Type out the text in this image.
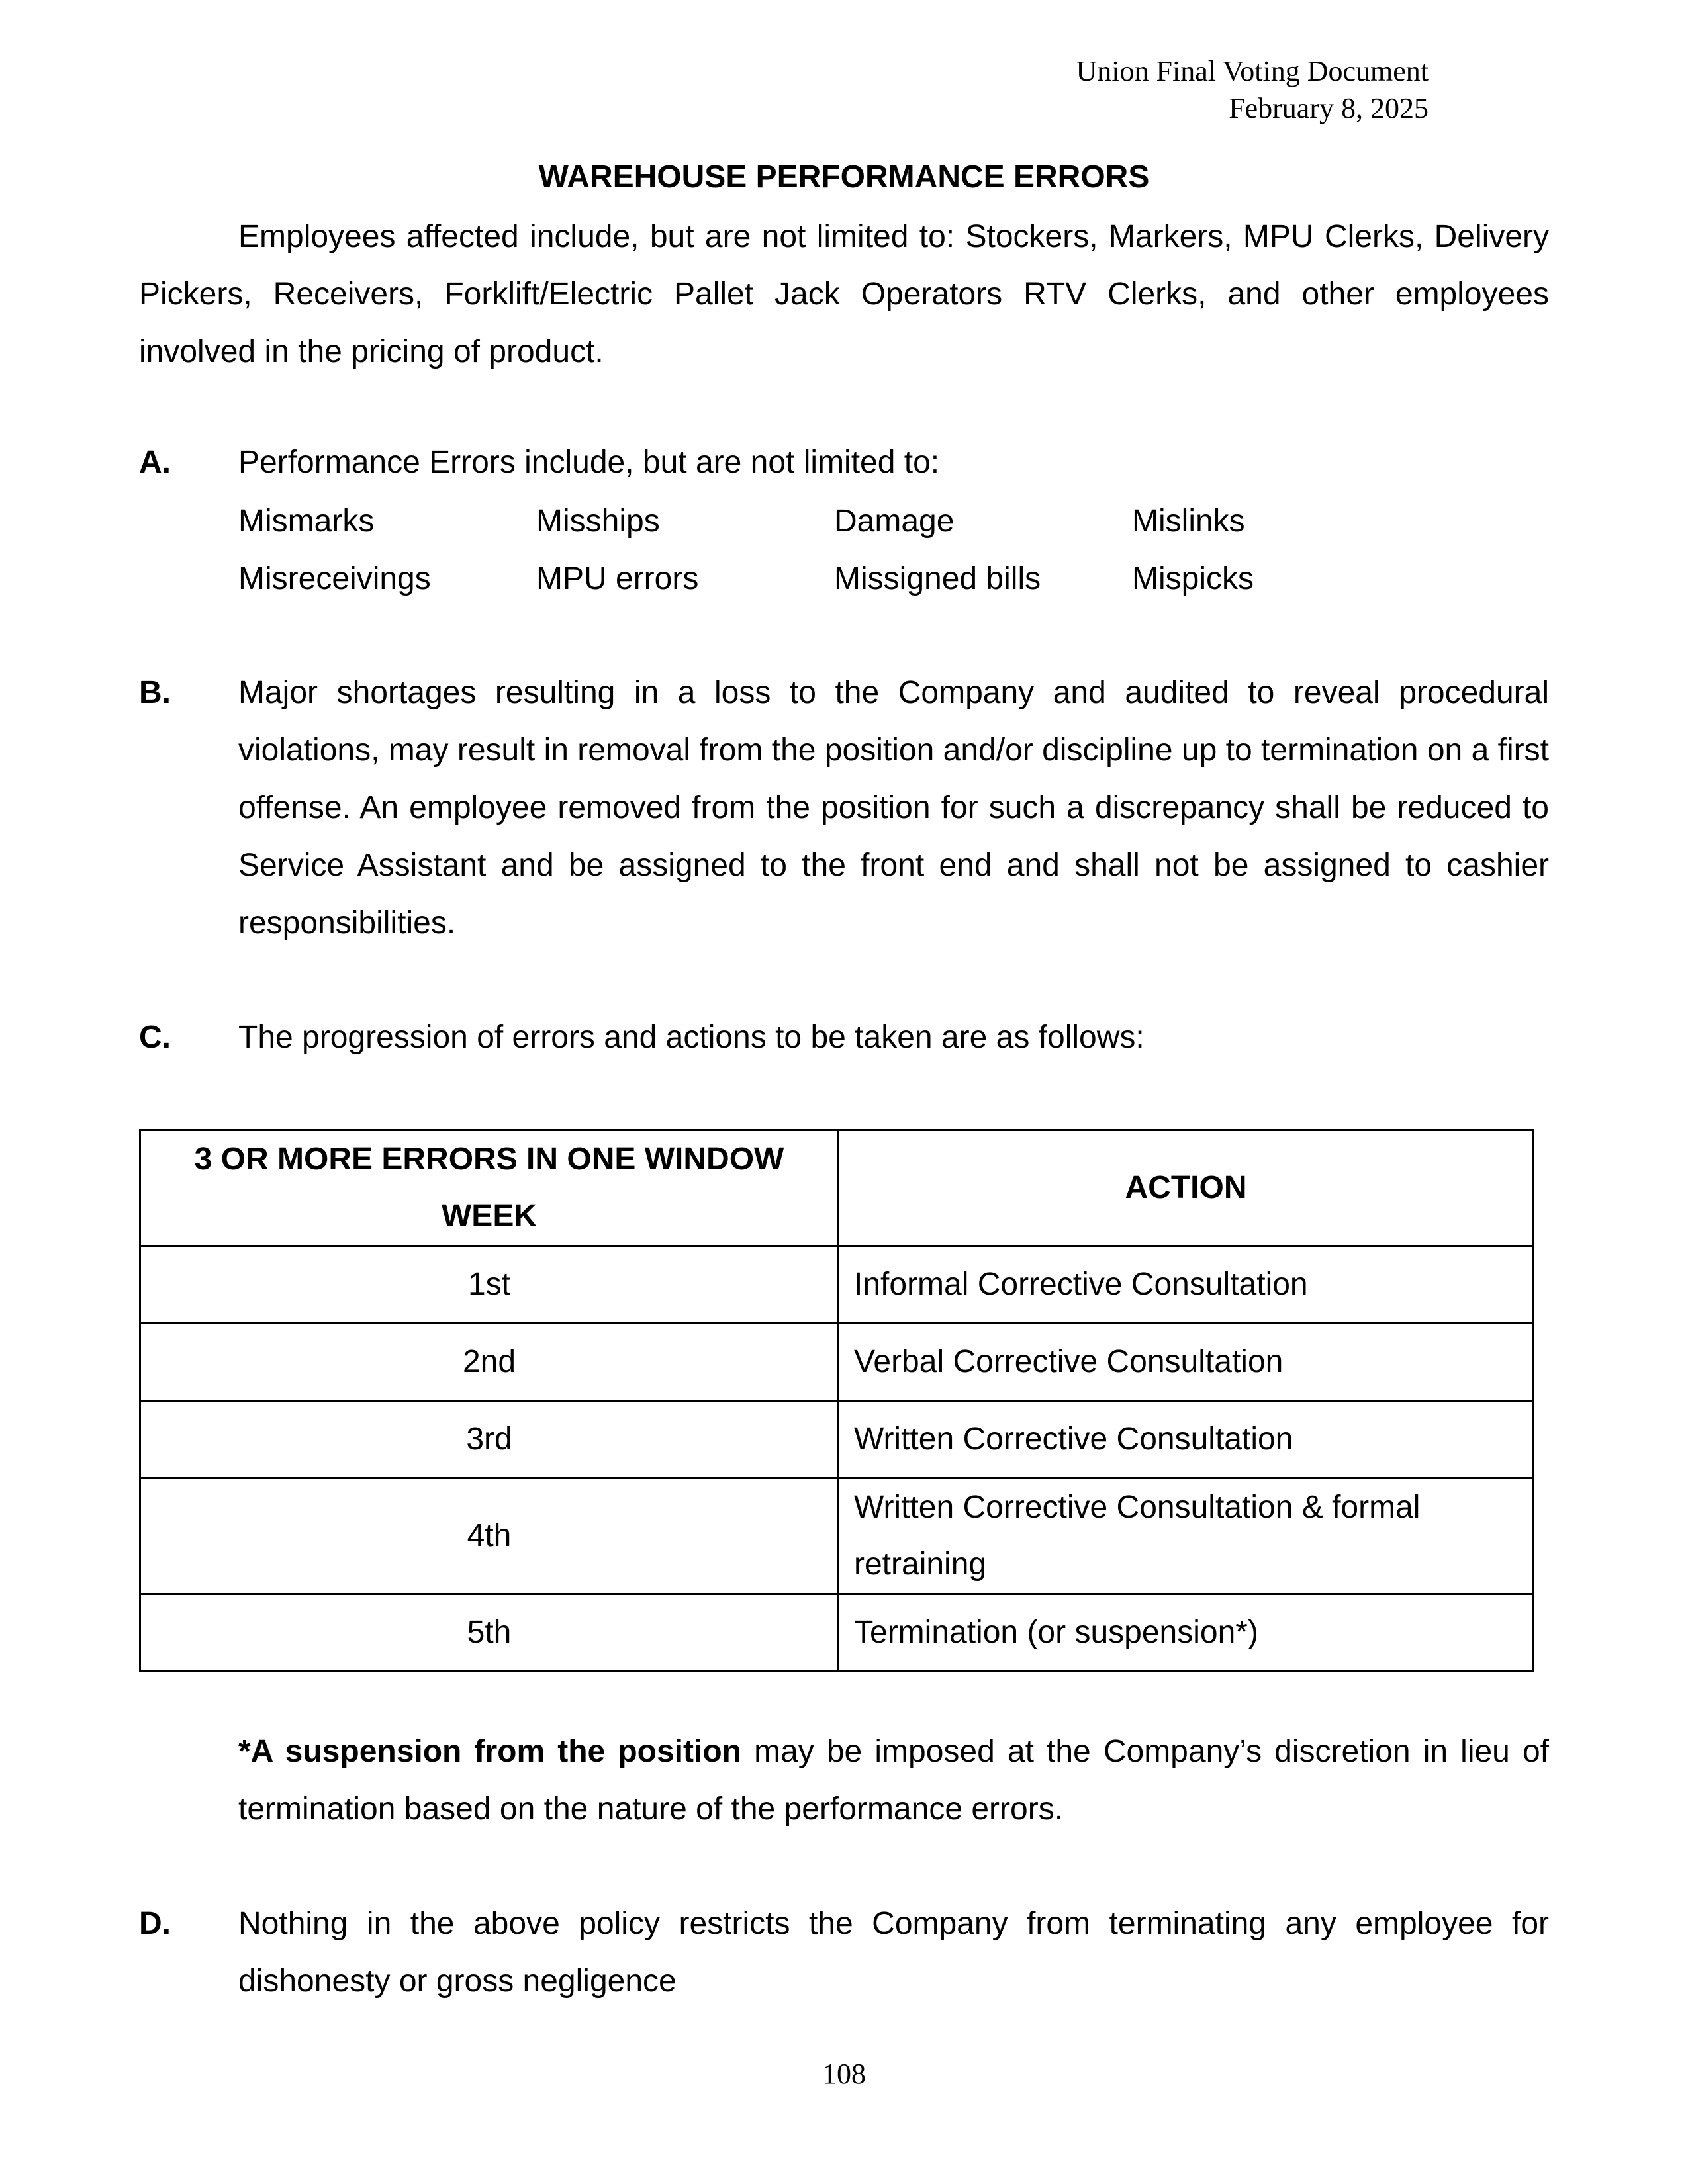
Union Final Voting Document
February 8, 2025
WAREHOUSE PERFORMANCE ERRORS

Employees affected include, but are not limited to: Stockers, Markers, MPU Clerks, Delivery Pickers, Receivers, Forklift/Electric Pallet Jack Operators RTV Clerks, and other employees involved in the pricing of product.

A. Performance Errors include, but are not limited to:

Mismarks	Misships	Damage	Mislinks
Misreceivings	MPU errors	Missigned bills	Mispicks
B. Major shortages resulting in a loss to the Company and audited to reveal procedural violations, may result in removal from the position and/or discipline up to termination on a first offense. An employee removed from the position for such a discrepancy shall be reduced to Service Assistant and be assigned to the front end and shall not be assigned to cashier responsibilities.

C. The progression of errors and actions to be taken are as follows:

3 OR MORE ERRORS IN ONE WINDOW WEEK	ACTION
1st	Informal Corrective Consultation
2nd	Verbal Corrective Consultation
3rd	Written Corrective Consultation
4th	Written Corrective Consultation & formal retraining
5th	Termination (or suspension*)

*A suspension from the position may be imposed at the Company’s discretion in lieu of termination based on the nature of the performance errors.

D. Nothing in the above policy restricts the Company from terminating any employee for dishonesty or gross negligence

108
